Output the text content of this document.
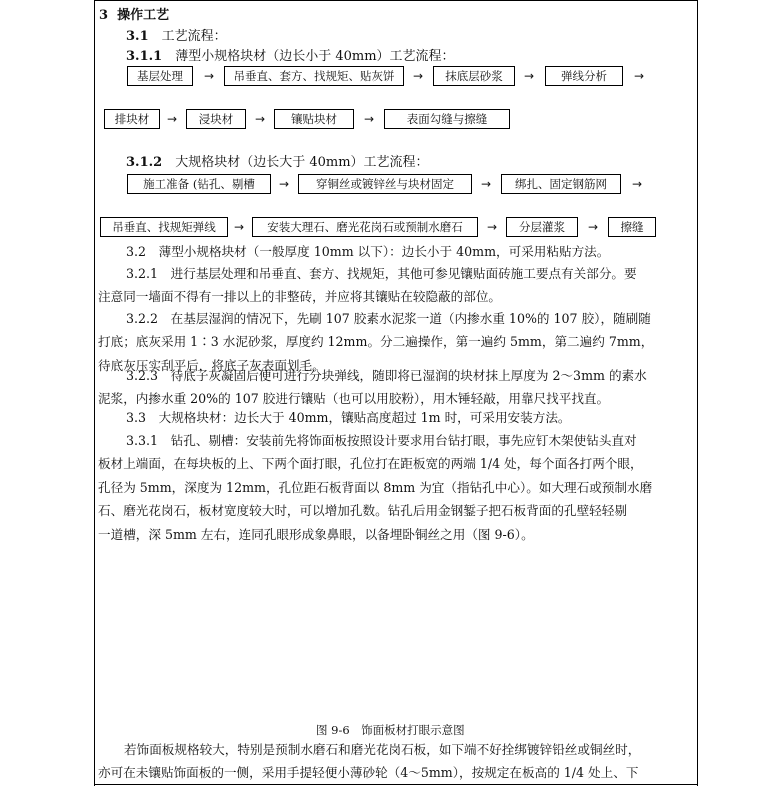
3 操作工艺
3.1　 工艺流程：
3.1.1　 薄型小规格块材（边长小于 40mm）工艺流程：
基层处理	→	吊垂直、套方、找规矩、贴灰饼	→	抹底层砂浆	→	弹线分析	→
排块材	→	浸块材	→	镶贴块材	→	表面勾缝与擦缝
3.1.2　 大规格块材（边长大于 40mm）工艺流程：
施工准备 (钻孔、剔槽	→	穿铜丝或镀锌丝与块材固定	→	绑扎、固定钢筋网	→
吊垂直、找规矩弹线	→	安装大理石、磨光花岗石或预制水磨石	→	分层灌浆	→	擦缝
3.2　薄型小规格块材（一般厚度 10mm 以下）：边长小于 40mm，可采用粘贴方法。
3.2.1　进行基层处理和吊垂直、套方、找规矩，其他可参见镶贴面砖施工要点有关部分。要
注意同一墙面不得有一排以上的非整砖，并应将其镶贴在较隐蔽的部位。
3.2.2　在基层湿润的情况下，先刷 107 胶素水泥浆一道（内掺水重 10%的 107 胶），随刷随
打底；底灰采用 1∶3 水泥砂浆，厚度约 12mm。分二遍操作，第一遍约 5mm，第二遍约 7mm，
待底灰压实刮平后，将底子灰表面划毛。
3.2.3　待底子灰凝固后便可进行分块弹线，随即将已湿润的块材抹上厚度为 2～3mm 的素水
泥浆，内掺水重 20%的 107 胶进行镶贴（也可以用胶粉），用木锤轻敲，用靠尺找平找直。
3.3　大规格块材：边长大于 40mm，镶贴高度超过 1m 时，可采用安装方法。
3.3.1　钻孔、剔槽：安装前先将饰面板按照设计要求用台钻打眼，事先应钉木架使钻头直对
板材上端面，在每块板的上、下两个面打眼，孔位打在距板宽的两端 1/4 处，每个面各打两个眼，
孔径为 5mm，深度为 12mm，孔位距石板背面以 8mm 为宜（指钻孔中心）。如大理石或预制水磨
石、磨光花岗石，板材宽度较大时，可以增加孔数。钻孔后用金钢錾子把石板背面的孔壁轻轻剔
一道槽，深 5mm 左右，连同孔眼形成象鼻眼，以备埋卧铜丝之用（图 9-6）。
图 9-6　饰面板材打眼示意图
若饰面板规格较大，特别是预制水磨石和磨光花岗石板，如下端不好拴绑镀锌铅丝或铜丝时，
亦可在未镶贴饰面板的一侧，采用手提轻便小薄砂轮（4～5mm），按规定在板高的 1/4 处上、下
